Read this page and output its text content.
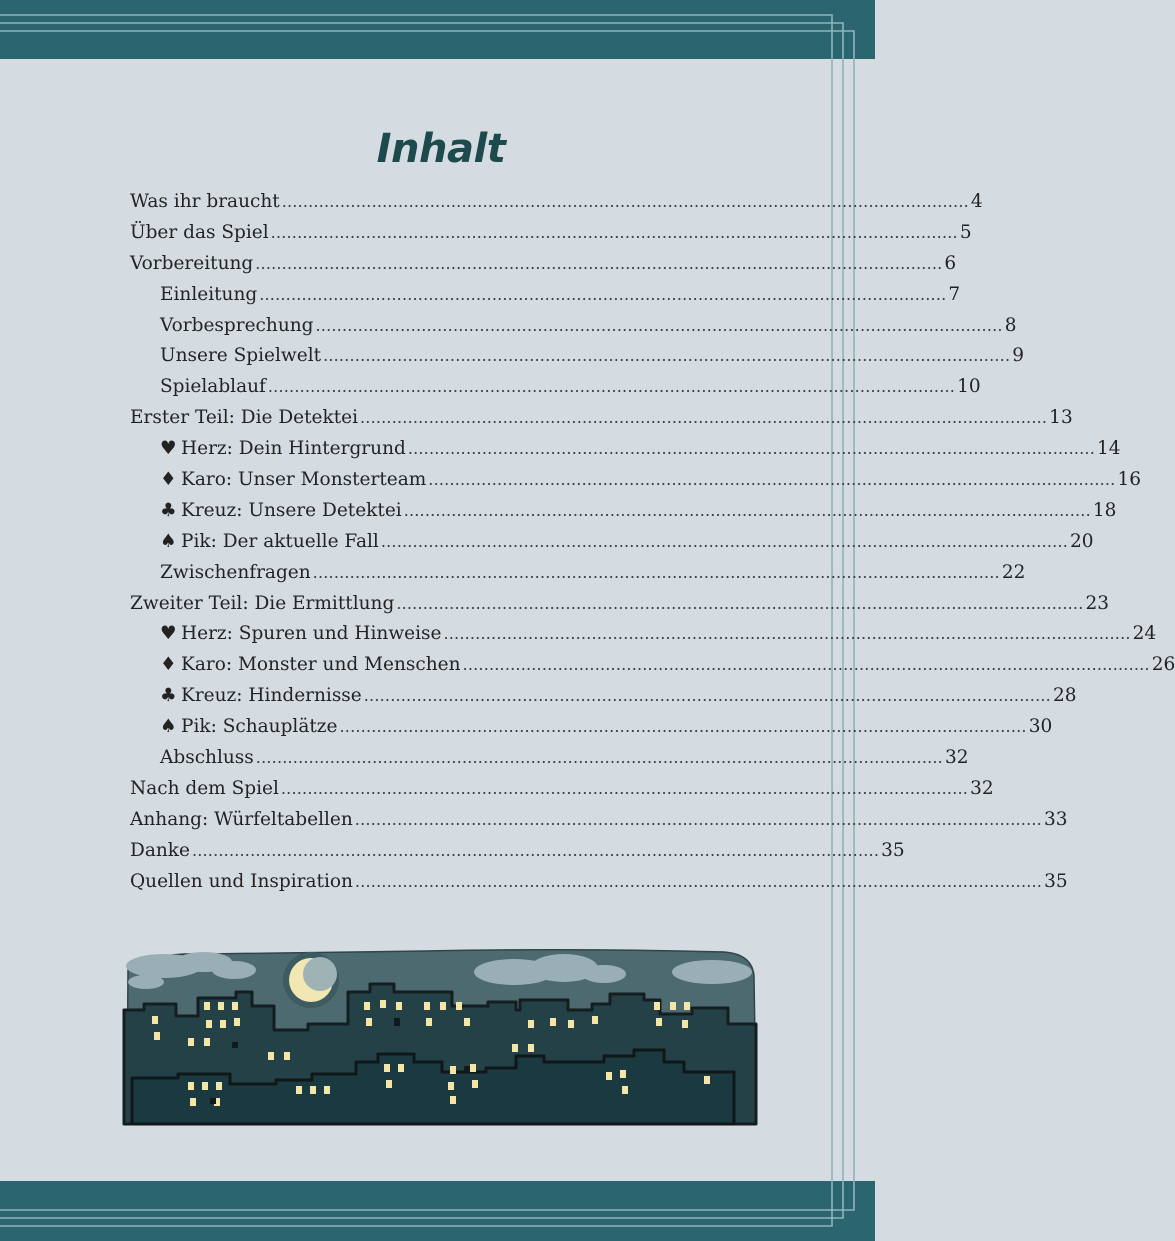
Inhalt
Was ihr braucht .................................................................................................................................. 4
Über das Spiel .................................................................................................................................. 5
Vorbereitung .................................................................................................................................. 6
Einleitung .................................................................................................................................. 7
Vorbesprechung .................................................................................................................................. 8
Unsere Spielwelt .................................................................................................................................. 9
Spielablauf .................................................................................................................................. 10
Erster Teil: Die Detektei .................................................................................................................................. 13
♥ Herz: Dein Hintergrund .................................................................................................................................. 14
♦ Karo: Unser Monsterteam .................................................................................................................................. 16
♣ Kreuz: Unsere Detektei .................................................................................................................................. 18
♠ Pik: Der aktuelle Fall .................................................................................................................................. 20
Zwischenfragen .................................................................................................................................. 22
Zweiter Teil: Die Ermittlung .................................................................................................................................. 23
♥ Herz: Spuren und Hinweise .................................................................................................................................. 24
♦ Karo: Monster und Menschen .................................................................................................................................. 26
♣ Kreuz: Hindernisse .................................................................................................................................. 28
♠ Pik: Schauplätze .................................................................................................................................. 30
Abschluss .................................................................................................................................. 32
Nach dem Spiel .................................................................................................................................. 32
Anhang: Würfeltabellen .................................................................................................................................. 33
Danke .................................................................................................................................. 35
Quellen und Inspiration .................................................................................................................................. 35
